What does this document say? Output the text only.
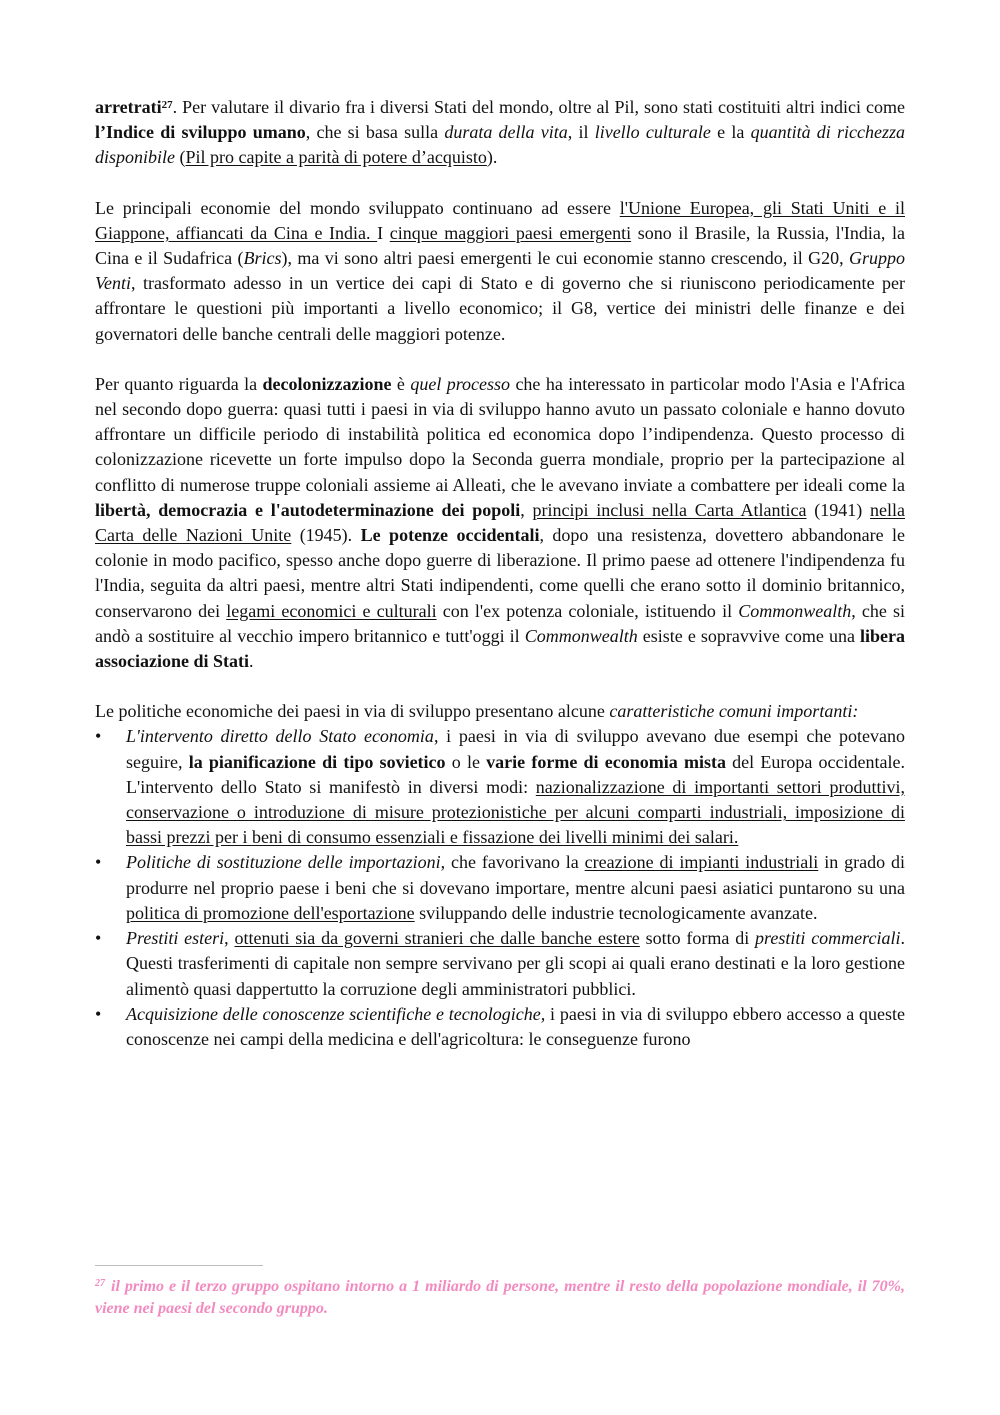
arretrati$^{27}$. Per valutare il divario fra i diversi Stati del mondo, oltre al Pil, sono stati costituiti altri indici come l’Indice di sviluppo umano, che si basa sulla durata della vita, il livello culturale e la quantità di ricchezza disponibile (Pil pro capite a parità di potere d’acquisto).

Le principali economie del mondo sviluppato continuano ad essere l'Unione Europea, gli Stati Uniti e il Giappone, affiancati da Cina e India. I cinque maggiori paesi emergenti sono il Brasile, la Russia, l'India, la Cina e il Sudafrica (Brics), ma vi sono altri paesi emergenti le cui economie stanno crescendo, il G20, Gruppo Venti, trasformato adesso in un vertice dei capi di Stato e di governo che si riuniscono periodicamente per affrontare le questioni più importanti a livello economico; il G8, vertice dei ministri delle finanze e dei governatori delle banche centrali delle maggiori potenze.

Per quanto riguarda la decolonizzazione è quel processo che ha interessato in particolar modo l'Asia e l'Africa nel secondo dopo guerra: quasi tutti i paesi in via di sviluppo hanno avuto un passato coloniale e hanno dovuto affrontare un difficile periodo di instabilità politica ed economica dopo l’indipendenza. Questo processo di colonizzazione ricevette un forte impulso dopo la Seconda guerra mondiale, proprio per la partecipazione al conflitto di numerose truppe coloniali assieme ai Alleati, che le avevano inviate a combattere per ideali come la libertà, democrazia e l'autodeterminazione dei popoli, principi inclusi nella Carta Atlantica (1941) nella Carta delle Nazioni Unite (1945). Le potenze occidentali, dopo una resistenza, dovettero abbandonare le colonie in modo pacifico, spesso anche dopo guerre di liberazione. Il primo paese ad ottenere l'indipendenza fu l'India, seguita da altri paesi, mentre altri Stati indipendenti, come quelli che erano sotto il dominio britannico, conservarono dei legami economici e culturali con l'ex potenza coloniale, istituendo il Commonwealth, che si andò a sostituire al vecchio impero britannico e tutt'oggi il Commonwealth esiste e sopravvive come una libera associazione di Stati.

Le politiche economiche dei paesi in via di sviluppo presentano alcune caratteristiche comuni importanti:

• L'intervento diretto dello Stato economia, i paesi in via di sviluppo avevano due esempi che potevano seguire, la pianificazione di tipo sovietico o le varie forme di economia mista del Europa occidentale. L'intervento dello Stato si manifestò in diversi modi: nazionalizzazione di importanti settori produttivi, conservazione o introduzione di misure protezionistiche per alcuni comparti industriali, imposizione di bassi prezzi per i beni di consumo essenziali e fissazione dei livelli minimi dei salari.
• Politiche di sostituzione delle importazioni, che favorivano la creazione di impianti industriali in grado di produrre nel proprio paese i beni che si dovevano importare, mentre alcuni paesi asiatici puntarono su una politica di promozione dell'esportazione sviluppando delle industrie tecnologicamente avanzate.
• Prestiti esteri, ottenuti sia da governi stranieri che dalle banche estere sotto forma di prestiti commerciali. Questi trasferimenti di capitale non sempre servivano per gli scopi ai quali erano destinati e la loro gestione alimentò quasi dappertutto la corruzione degli amministratori pubblici.
• Acquisizione delle conoscenze scientifiche e tecnologiche, i paesi in via di sviluppo ebbero accesso a queste conoscenze nei campi della medicina e dell'agricoltura: le conseguenze furono
$^{27}$ il primo e il terzo gruppo ospitano intorno a 1 miliardo di persone, mentre il resto della popolazione mondiale, il 70%, viene nei paesi del secondo gruppo.
